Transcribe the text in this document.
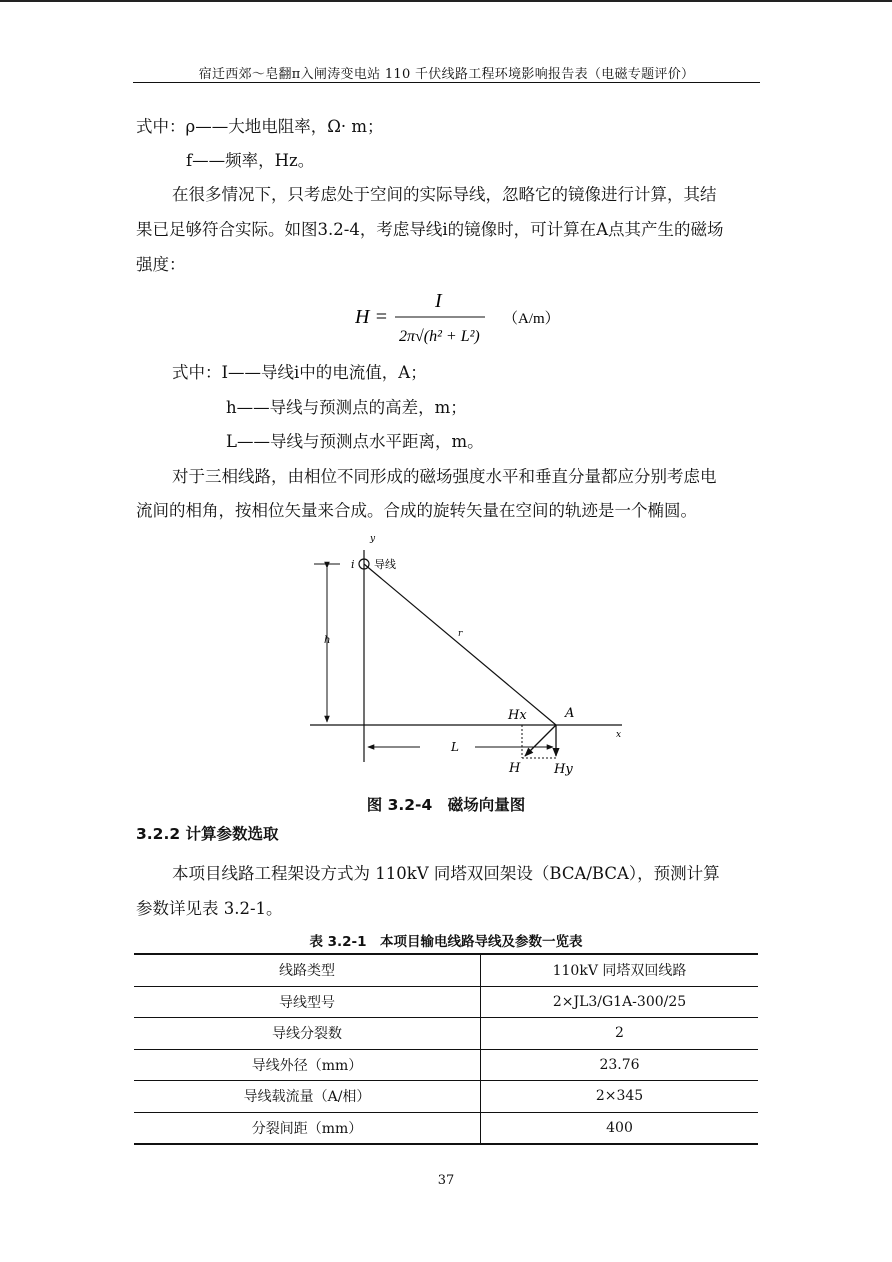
宿迁西郊～皂翻π入闸涛变电站 110 千伏线路工程环境影响报告表（电磁专题评价）

式中：ρ——大地电阻率，Ω· m；

f——频率，Hz。

在很多情况下，只考虑处于空间的实际导线，忽略它的镜像进行计算，其结

果已足够符合实际。如图3.2-4，考虑导线i的镜像时，可计算在A点其产生的磁场

强度：

H =
I
2π√(h² + L²)
（A/m）

式中：I——导线i中的电流值，A；

h——导线与预测点的高差，m；

L——导线与预测点水平距离，m。

对于三相线路，由相位不同形成的磁场强度水平和垂直分量都应分别考虑电

流间的相角，按相位矢量来合成。合成的旋转矢量在空间的轨迹是一个椭圆。

y
x
i 导线
h
r
Hx	A
L
H	Hy
图 3.2-4　磁场向量图
3.2.2 计算参数选取

本项目线路工程架设方式为 110kV 同塔双回架设（BCA/BCA），预测计算

参数详见表 3.2-1。

表 3.2-1　本项目输电线路导线及参数一览表
线路类型	110kV 同塔双回线路
导线型号	2×JL3/G1A-300/25
导线分裂数	2
导线外径（mm）	23.76
导线载流量（A/相）	2×345
分裂间距（mm）	400
37
